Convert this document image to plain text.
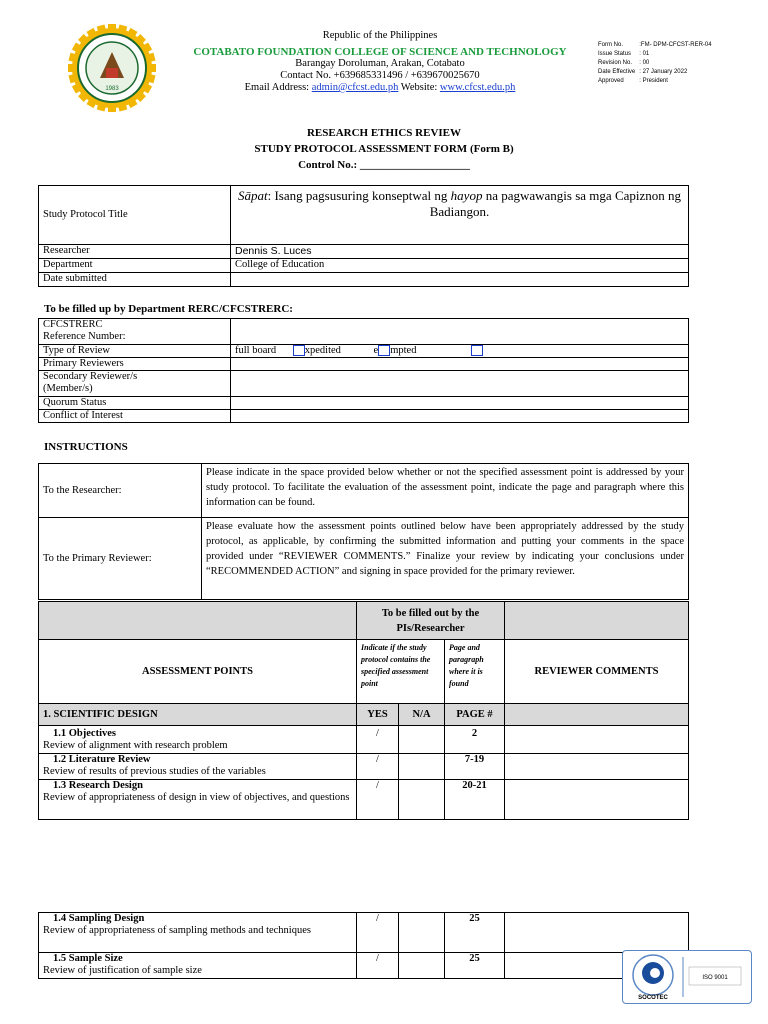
1983
Republic of the Philippines
COTABATO FOUNDATION COLLEGE OF SCIENCE AND TECHNOLOGY
Barangay Doroluman, Arakan, Cotabato
Contact No. +639685331496 / +639670025670
Email Address: admin@cfcst.edu.ph Website: www.cfcst.edu.ph
Form No.	:FM- DPM-CFCST-RER-04
Issue Status	: 01
Revision No.	: 00
Date Effective	: 27 January 2022
Approved	: President
RESEARCH ETHICS REVIEW
STUDY PROTOCOL ASSESSMENT FORM (Form B)
Control No.: ____________________
Study Protocol Title	Sāpat: Isang pagsusuring konseptwal ng hayop na pagwawangis sa mga Capiznon ng Badiangon.
Researcher	Dennis S. Luces
Department	College of Education
Date submitted	
To be filled up by Department RERC/CFCSTRERC:
CFCSTRERC
Reference Number:	
Type of Review	full board xpedited e mpted
Primary Reviewers	
Secondary Reviewer/s
(Member/s)	
Quorum Status	
Conflict of Interest	
INSTRUCTIONS
To the Researcher:	Please indicate in the space provided below whether or not the specified assessment point is addressed by your study protocol. To facilitate the evaluation of the assessment point, indicate the page and paragraph where this information can be found.
To the Primary Reviewer:	Please evaluate how the assessment points outlined below have been appropriately addressed by the study protocol, as applicable, by confirming the submitted information and putting your comments in the space provided under “REVIEWER COMMENTS.” Finalize your review by indicating your conclusions under “RECOMMENDED ACTION” and signing in space provided for the primary reviewer.
	To be filled out by the PIs/Researcher			
ASSESSMENT POINTS	Indicate if the study protocol contains the specified assessment point		Page and paragraph where it is found	REVIEWER COMMENTS
1. SCIENTIFIC DESIGN	YES	N/A	PAGE #	
1.1 Objectives
Review of alignment with research problem	/		2	
1.2 Literature Review
Review of results of previous studies of the variables	/		7-19	
1.3 Research Design
Review of appropriateness of design in view of objectives, and questions	/		20-21	
1.4 Sampling Design
Review of appropriateness of sampling methods and techniques	/		25	
1.5 Sample Size
Review of justification of sample size	/		25	
SOCOTEC
ISO 9001
